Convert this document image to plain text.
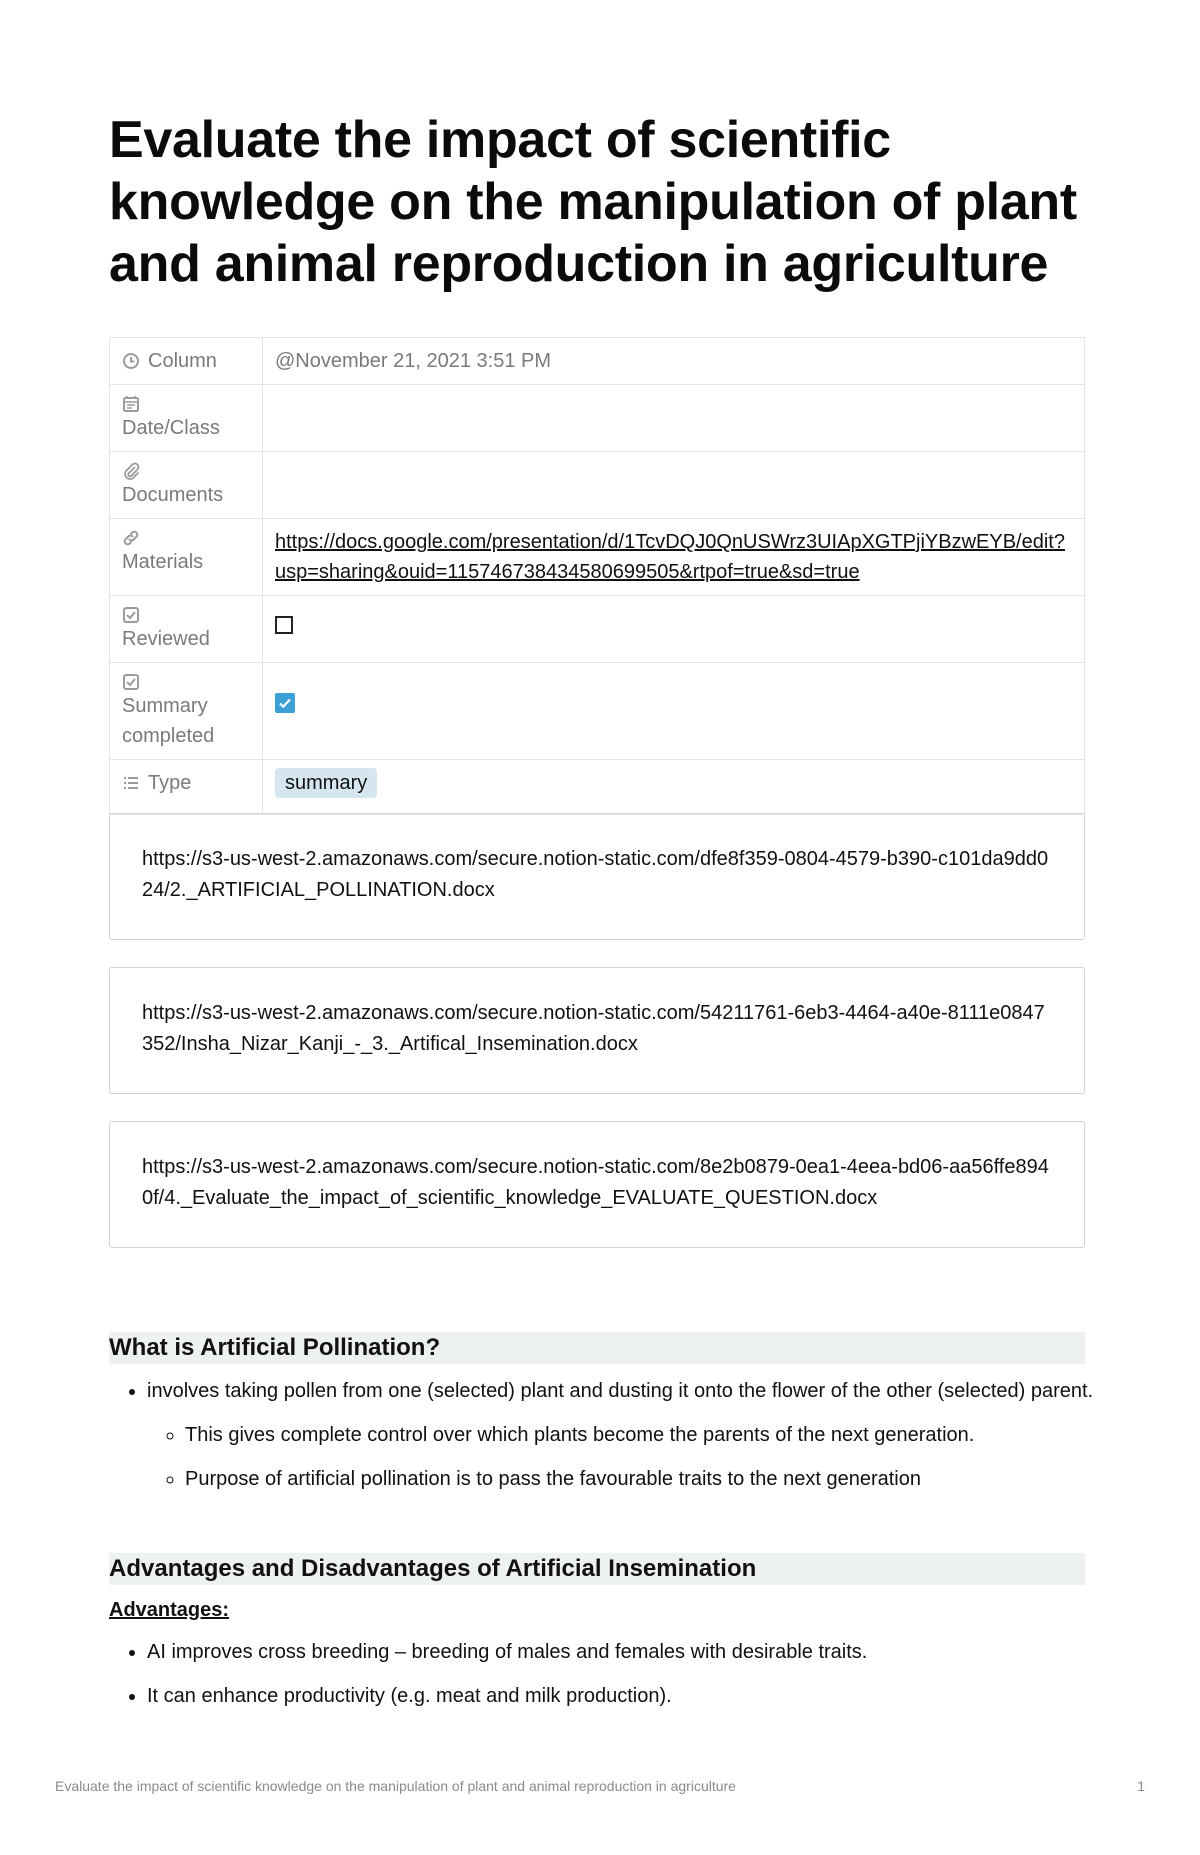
Evaluate the impact of scientific knowledge on the manipulation of plant and animal reproduction in agriculture
Column	@November 21, 2021 3:51 PM

Date/Class	

Documents	

Materials	https://docs.google.com/presentation/d/1TcvDQJ0QnUSWrz3UIApXGTPjiYBzwEYB/edit?usp=sharing&ouid=115746738434580699505&rtpof=true&sd=true

Reviewed	

Summary completed	

Type	summary
https://s3-us-west-2.amazonaws.com/secure.notion-static.com/dfe8f359-0804-4579-b390-c101da9dd024/2._ARTIFICIAL_POLLINATION.docx
https://s3-us-west-2.amazonaws.com/secure.notion-static.com/54211761-6eb3-4464-a40e-8111e0847352/Insha_Nizar_Kanji_-_3._Artifical_Insemination.docx
https://s3-us-west-2.amazonaws.com/secure.notion-static.com/8e2b0879-0ea1-4eea-bd06-aa56ffe8940f/4._Evaluate_the_impact_of_scientific_knowledge_EVALUATE_QUESTION.docx
What is Artificial Pollination?
• involves taking pollen from one (selected) plant and dusting it onto the flower of the other (selected) parent.
◦ This gives complete control over which plants become the parents of the next generation.
◦ Purpose of artificial pollination is to pass the favourable traits to the next generation
Advantages and Disadvantages of Artificial Insemination
Advantages:
• AI improves cross breeding – breeding of males and females with desirable traits.
• It can enhance productivity (e.g. meat and milk production).
Evaluate the impact of scientific knowledge on the manipulation of plant and animal reproduction in agriculture	1
